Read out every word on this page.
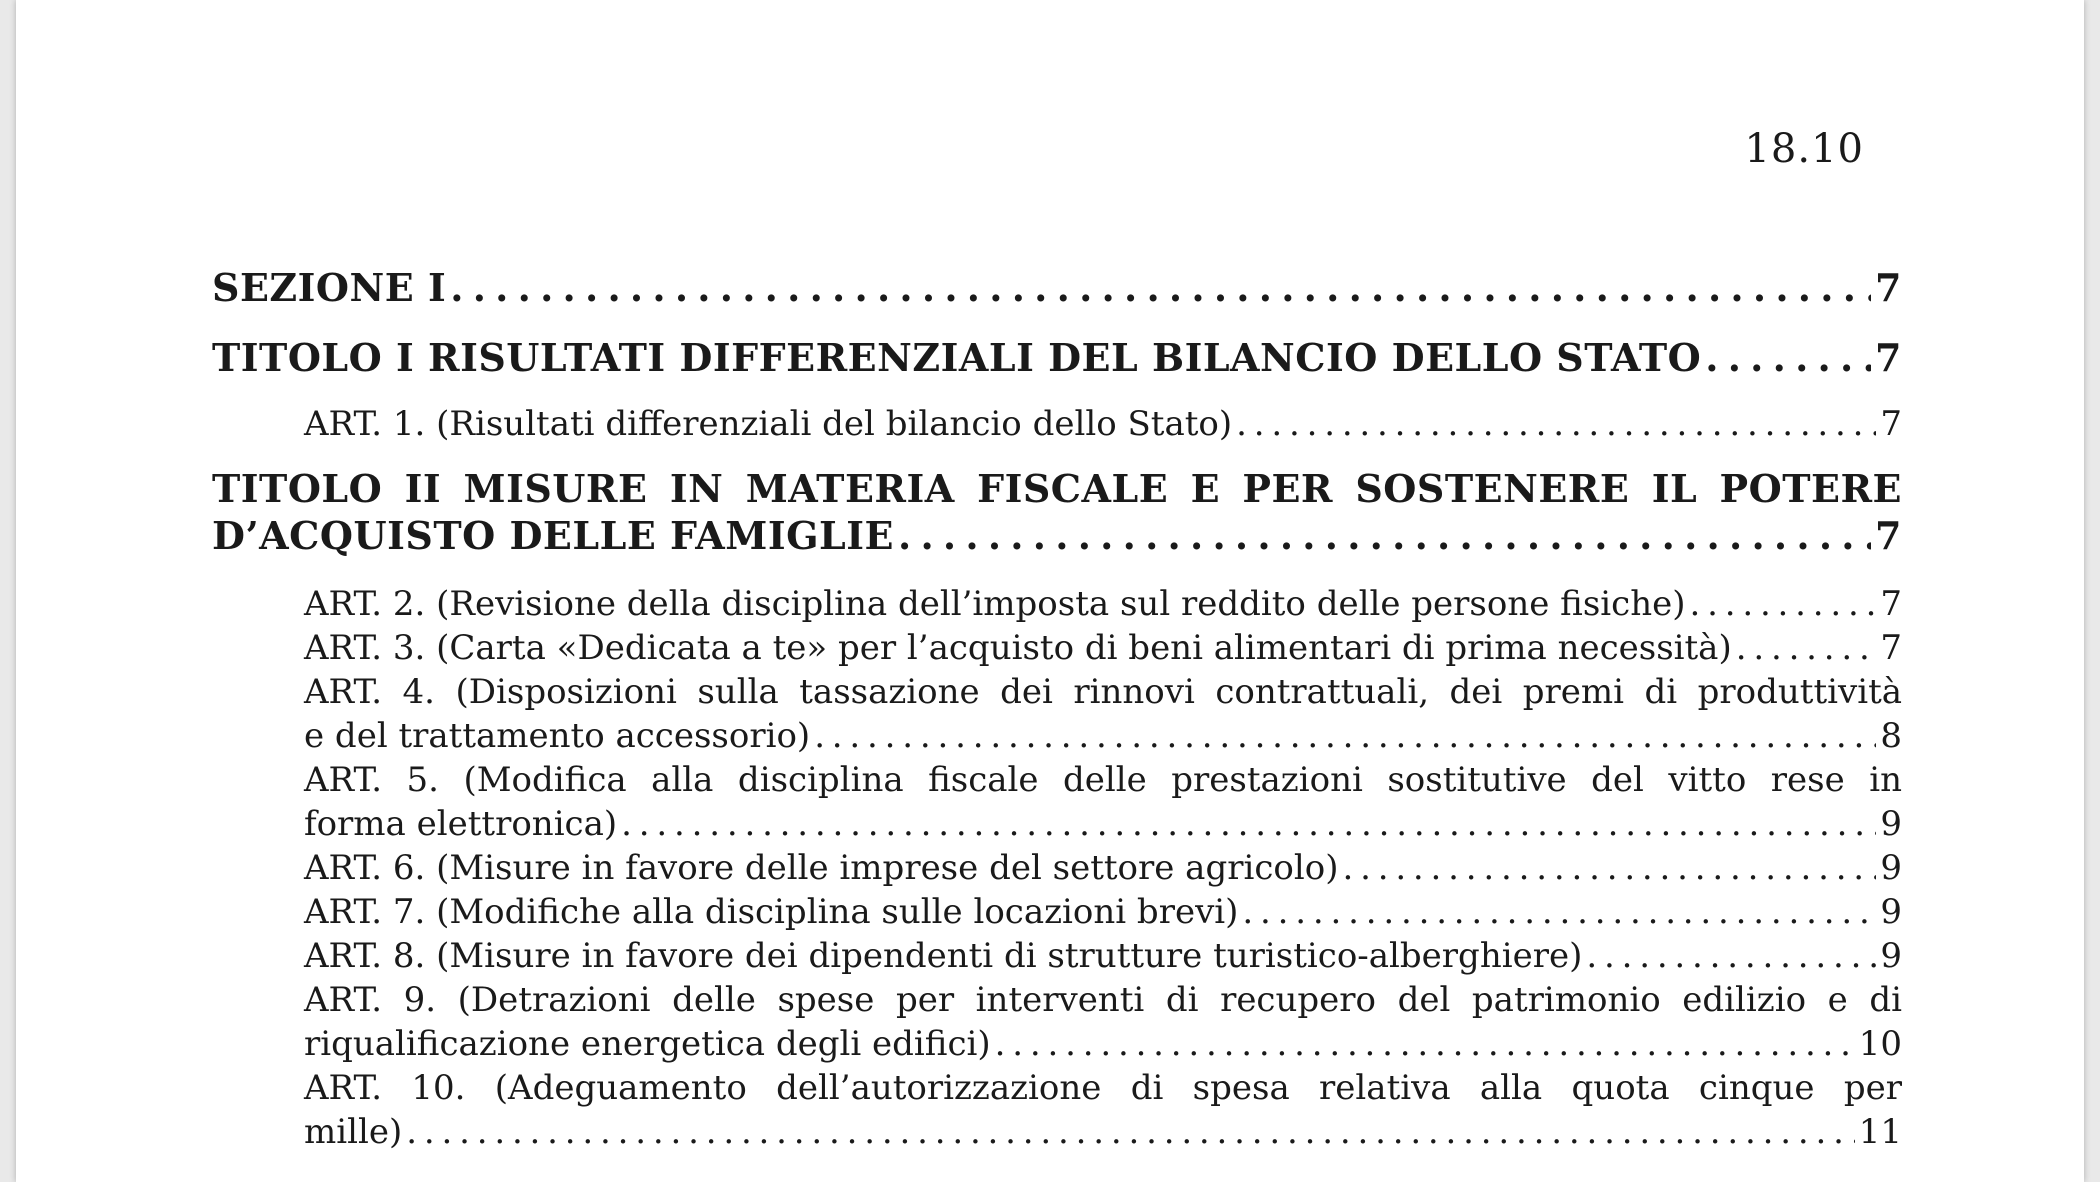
18.10
SEZIONE I . . .	7
TITOLO I RISULTATI DIFFERENZIALI DEL BILANCIO DELLO STATO . . .	7
ART. 1. (Risultati differenziali del bilancio dello Stato) . . .	7
TITOLO II MISURE IN MATERIA FISCALE E PER SOSTENERE IL POTERE
D’ACQUISTO DELLE FAMIGLIE . . .	7
ART. 2. (Revisione della disciplina dell’imposta sul reddito delle persone fisiche) . . .	7
ART. 3. (Carta «Dedicata a te» per l’acquisto di beni alimentari di prima necessità) . . .	7
ART. 4. (Disposizioni sulla tassazione dei rinnovi contrattuali, dei premi di produttività
e del trattamento accessorio) . . .	8
ART. 5. (Modifica alla disciplina fiscale delle prestazioni sostitutive del vitto rese in
forma elettronica) . . .	9
ART. 6. (Misure in favore delle imprese del settore agricolo) . . .	9
ART. 7. (Modifiche alla disciplina sulle locazioni brevi) . . .	9
ART. 8. (Misure in favore dei dipendenti di strutture turistico-alberghiere) . . .	9
ART. 9. (Detrazioni delle spese per interventi di recupero del patrimonio edilizio e di
riqualificazione energetica degli edifici) . . .	10
ART. 10. (Adeguamento dell’autorizzazione di spesa relativa alla quota cinque per
mille) . . .	11
